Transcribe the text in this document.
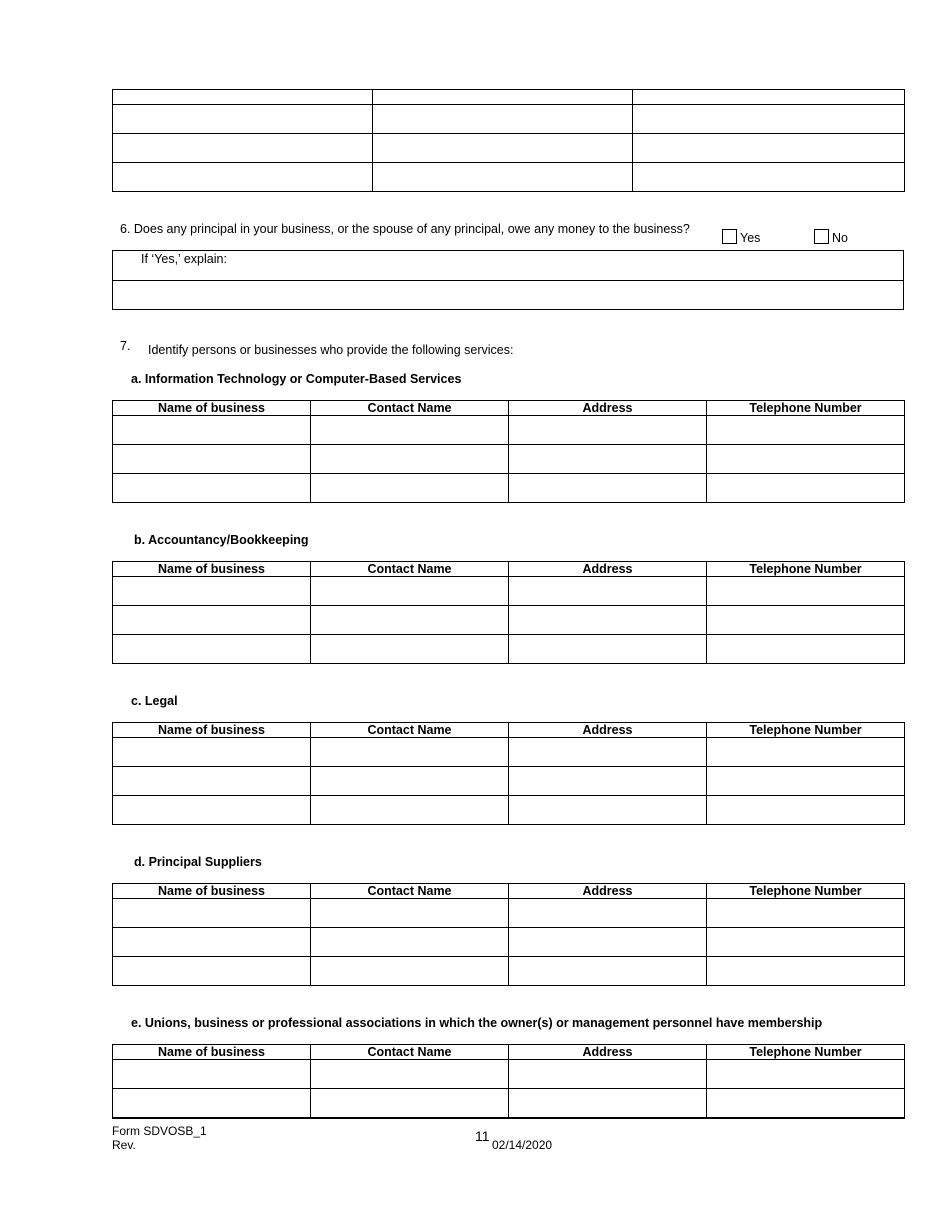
6. Does any principal in your business, or the spouse of any principal, owe any money to the business?
Yes	No
If ‘Yes,’ explain:
7. Identify persons or businesses who provide the following services:
a. Information Technology or Computer-Based Services
Name of business	Contact Name	Address	Telephone Number

b. Accountancy/Bookkeeping
Name of business	Contact Name	Address	Telephone Number

c. Legal
Name of business	Contact Name	Address	Telephone Number

d. Principal Suppliers
Name of business	Contact Name	Address	Telephone Number

e. Unions, business or professional associations in which the owner(s) or management personnel have membership
Name of business	Contact Name	Address	Telephone Number

Form SDVOSB_1
Rev.
11
02/14/2020
